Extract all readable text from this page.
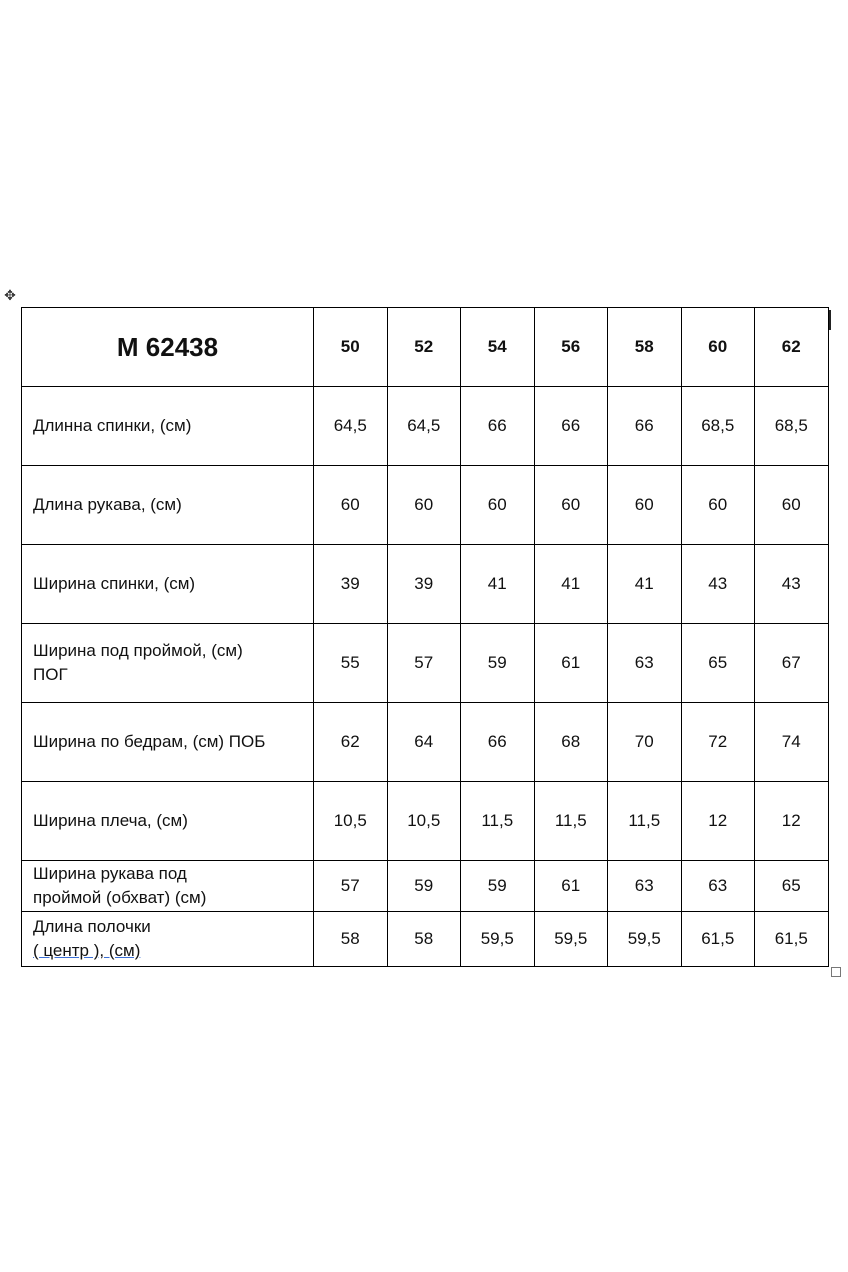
✥
М 62438	50	52	54	56	58	60	62

Длинна спинки, (см)	64,5	64,5	66	66	66	68,5	68,5

Длина рукава, (см)	60	60	60	60	60	60	60

Ширина спинки, (см)	39	39	41	41	41	43	43

Ширина под проймой, (см)
ПОГ	55	57	59	61	63	65	67

Ширина по бедрам, (см) ПОБ	62	64	66	68	70	72	74

Ширина плеча, (см)	10,5	10,5	11,5	11,5	11,5	12	12

Ширина рукава под
проймой (обхват) (см)	57	59	59	61	63	63	65

Длина полочки
( центр ), (см)	58	58	59,5	59,5	59,5	61,5	61,5
